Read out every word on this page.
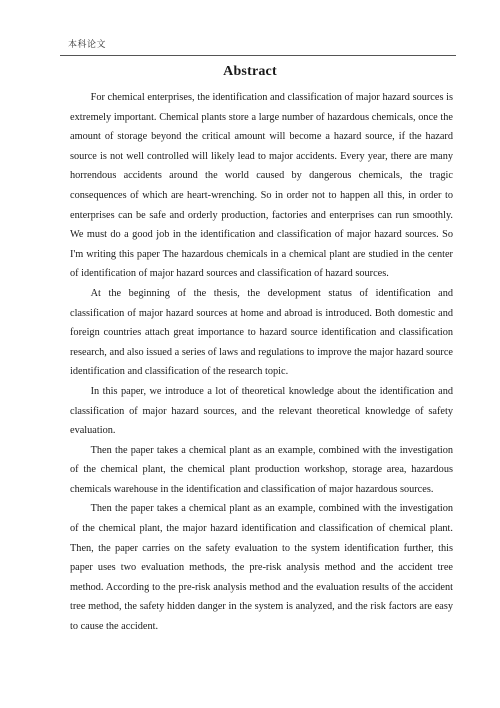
本科论文
Abstract

For chemical enterprises, the identification and classification of major hazard sources is extremely important. Chemical plants store a large number of hazardous chemicals, once the amount of storage beyond the critical amount will become a hazard source, if the hazard source is not well controlled will likely lead to major accidents. Every year, there are many horrendous accidents around the world caused by dangerous chemicals, the tragic consequences of which are heart-wrenching. So in order not to happen all this, in order to enterprises can be safe and orderly production, factories and enterprises can run smoothly. We must do a good job in the identification and classification of major hazard sources. So I'm writing this paper The hazardous chemicals in a chemical plant are studied in the center of identification of major hazard sources and classification of hazard sources.

At the beginning of the thesis, the development status of identification and classification of major hazard sources at home and abroad is introduced. Both domestic and foreign countries attach great importance to hazard source identification and classification research, and also issued a series of laws and regulations to improve the major hazard source identification and classification of the research topic.

In this paper, we introduce a lot of theoretical knowledge about the identification and classification of major hazard sources, and the relevant theoretical knowledge of safety evaluation.

Then the paper takes a chemical plant as an example, combined with the investigation of the chemical plant, the chemical plant production workshop, storage area, hazardous chemicals warehouse in the identification and classification of major hazardous sources.

Then the paper takes a chemical plant as an example, combined with the investigation of the chemical plant, the major hazard identification and classification of chemical plant. Then, the paper carries on the safety evaluation to the system identification further, this paper uses two evaluation methods, the pre-risk analysis method and the accident tree method. According to the pre-risk analysis method and the evaluation results of the accident tree method, the safety hidden danger in the system is analyzed, and the risk factors are easy to cause the accident.
